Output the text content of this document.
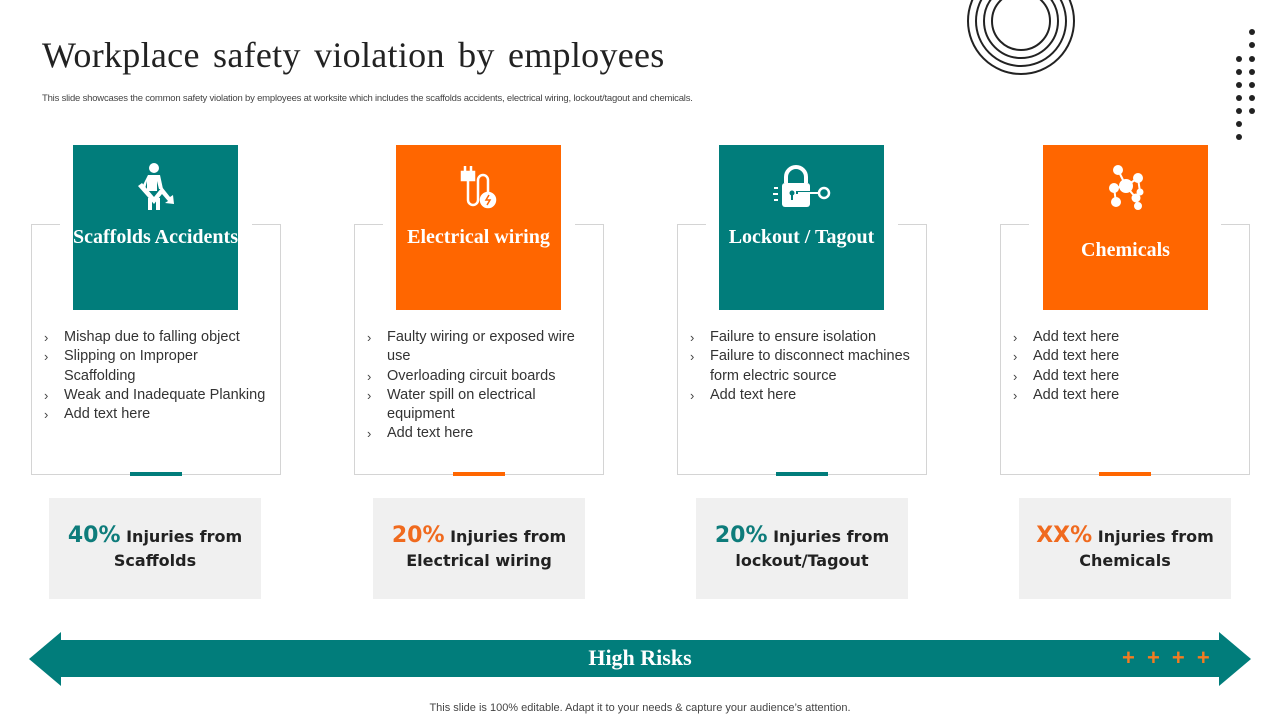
Workplace safety violation by employees
This slide showcases the common safety violation by employees at worksite which includes the scaffolds accidents, electrical wiring, lockout/tagout and chemicals.
Scaffolds Accidents
› Mishap due to falling object
› Slipping on Improper Scaffolding
› Weak and Inadequate Planking
› Add text here
40% Injuries from
Scaffolds
Electrical wiring
› Faulty wiring or exposed wire use
› Overloading circuit boards
› Water spill on electrical equipment
› Add text here
20% Injuries from
Electrical wiring
Lockout / Tagout
› Failure to ensure isolation
› Failure to disconnect machines form electric source
› Add text here
20% Injuries from
lockout/Tagout
Chemicals
› Add text here
› Add text here
› Add text here
› Add text here
XX% Injuries from
Chemicals
High Risks	+ + + +
This slide is 100% editable. Adapt it to your needs & capture your audience’s attention.
